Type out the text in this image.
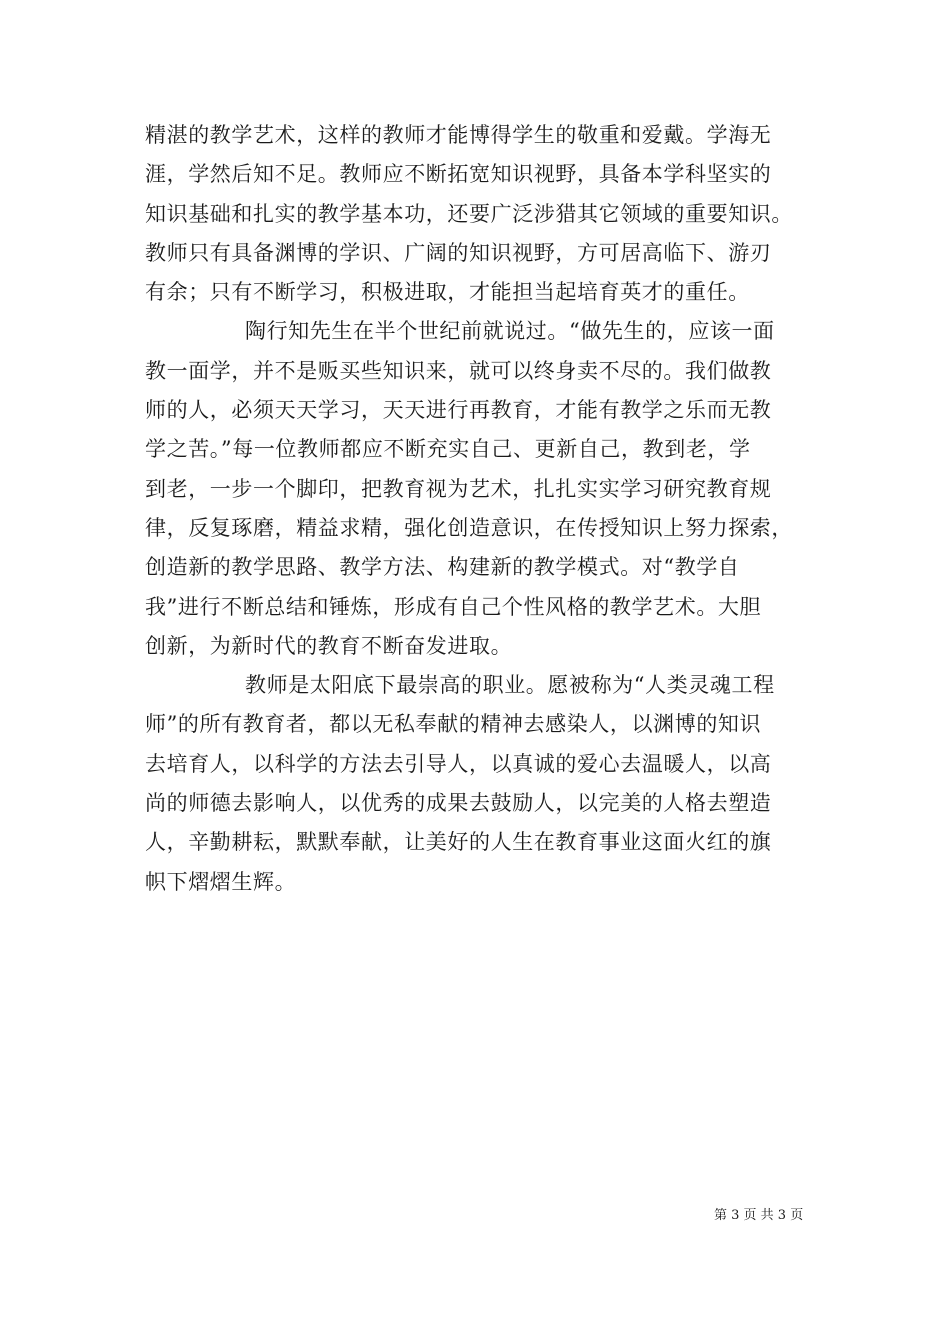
精湛的教学艺术，这样的教师才能博得学生的敬重和爱戴。学海无
涯，学然后知不足。教师应不断拓宽知识视野，具备本学科坚实的
知识基础和扎实的教学基本功，还要广泛涉猎其它领域的重要知识。
教师只有具备渊博的学识、广阔的知识视野，方可居高临下、游刃
有余；只有不断学习，积极进取，才能担当起培育英才的重任。
陶行知先生在半个世纪前就说过。“做先生的，应该一面
教一面学，并不是贩买些知识来，就可以终身卖不尽的。我们做教
师的人，必须天天学习，天天进行再教育，才能有教学之乐而无教
学之苦。”每一位教师都应不断充实自己、更新自己，教到老，学
到老，一步一个脚印，把教育视为艺术，扎扎实实学习研究教育规
律，反复琢磨，精益求精，强化创造意识，在传授知识上努力探索，
创造新的教学思路、教学方法、构建新的教学模式。对“教学自
我”进行不断总结和锤炼，形成有自己个性风格的教学艺术。大胆
创新，为新时代的教育不断奋发进取。
教师是太阳底下最崇高的职业。愿被称为“人类灵魂工程
师”的所有教育者，都以无私奉献的精神去感染人，以渊博的知识
去培育人，以科学的方法去引导人，以真诚的爱心去温暖人，以高
尚的师德去影响人，以优秀的成果去鼓励人，以完美的人格去塑造
人，辛勤耕耘，默默奉献，让美好的人生在教育事业这面火红的旗
帜下熠熠生辉。
第 3 页 共 3 页
